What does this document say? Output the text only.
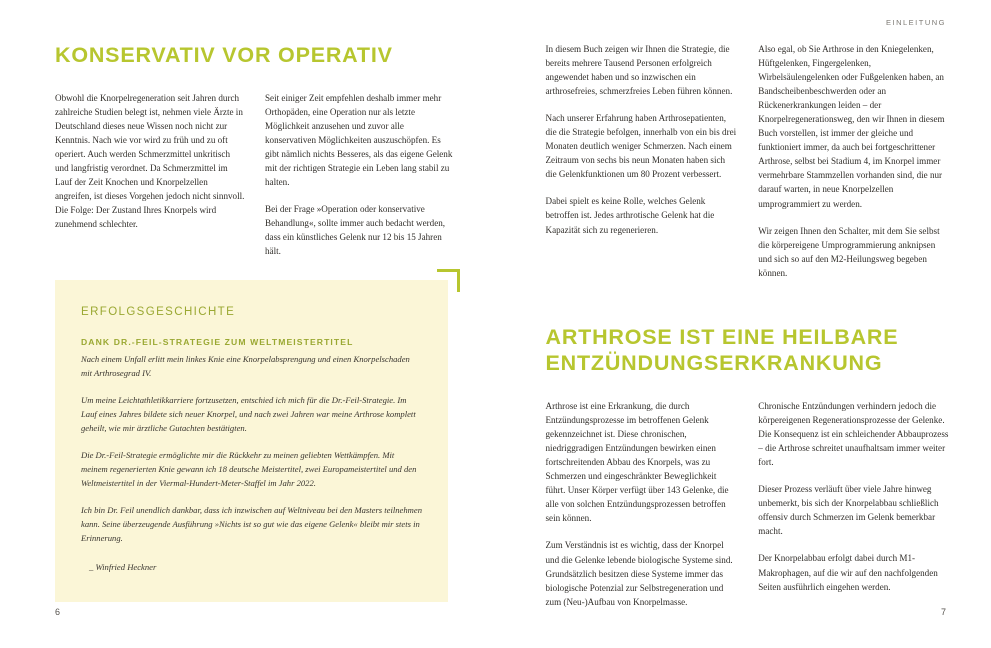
KONSERVATIV VOR OPERATIV

Obwohl die Knorpelregeneration seit Jahren durch zahlreiche Studien belegt ist, nehmen viele Ärzte in Deutschland dieses neue Wissen noch nicht zur Kenntnis. Nach wie vor wird zu früh und zu oft operiert. Auch werden Schmerzmittel unkritisch und langfristig verordnet. Da Schmerzmittel im Lauf der Zeit Knochen und Knorpelzellen angreifen, ist dieses Vorgehen jedoch nicht sinnvoll. Die Folge: Der Zustand Ihres Knorpels wird zunehmend schlechter.

Seit einiger Zeit empfehlen deshalb immer mehr Orthopäden, eine Operation nur als letzte Möglichkeit anzusehen und zuvor alle konservativen Möglichkeiten auszuschöpfen. Es gibt nämlich nichts Besseres, als das eigene Gelenk mit der richtigen Strategie ein Leben lang stabil zu halten.

Bei der Frage »Operation oder konservative Behandlung«, sollte immer auch bedacht werden, dass ein künstliches Gelenk nur 12 bis 15 Jahren hält.

ERFOLGSGESCHICHTE

DANK DR.-FEIL-STRATEGIE ZUM WELTMEISTERTITEL

Nach einem Unfall erlitt mein linkes Knie eine Knorpelabsprengung und einen Knorpelschaden mit Arthrosegrad IV.

Um meine Leichtathletikkarriere fortzusetzen, entschied ich mich für die Dr.-Feil-Strategie. Im Lauf eines Jahres bildete sich neuer Knorpel, und nach zwei Jahren war meine Arthrose komplett geheilt, wie mir ärztliche Gutachten bestätigten.

Die Dr.-Feil-Strategie ermöglichte mir die Rückkehr zu meinen geliebten Wettkämpfen. Mit meinem regenerierten Knie gewann ich 18 deutsche Meistertitel, zwei Europameistertitel und den Weltmeistertitel in der Viermal-Hundert-Meter-Staffel im Jahr 2022.

Ich bin Dr. Feil unendlich dankbar, dass ich inzwischen auf Weltniveau bei den Masters teilnehmen kann. Seine überzeugende Ausführung »Nichts ist so gut wie das eigene Gelenk« bleibt mir stets in Erinnerung.

_ Winfried Heckner

6
EINLEITUNG

In diesem Buch zeigen wir Ihnen die Strategie, die bereits mehrere Tausend Personen erfolgreich angewendet haben und so inzwischen ein arthrosefreies, schmerzfreies Leben führen können.

Nach unserer Erfahrung haben Arthrosepatienten, die die Strategie befolgen, innerhalb von ein bis drei Monaten deutlich weniger Schmerzen. Nach einem Zeitraum von sechs bis neun Monaten haben sich die Gelenkfunktionen um 80 Prozent verbessert.

Dabei spielt es keine Rolle, welches Gelenk betroffen ist. Jedes arthrotische Gelenk hat die Kapazität sich zu regenerieren.

Also egal, ob Sie Arthrose in den Kniegelenken, Hüftgelenken, Fingergelenken, Wirbelsäulengelenken oder Fußgelenken haben, an Bandscheibenbeschwerden oder an Rückenerkrankungen leiden – der Knorpelregenerationsweg, den wir Ihnen in diesem Buch vorstellen, ist immer der gleiche und funktioniert immer, da auch bei fortgeschrittener Arthrose, selbst bei Stadium 4, im Knorpel immer vermehrbare Stammzellen vorhanden sind, die nur darauf warten, in neue Knorpelzellen umprogrammiert zu werden.

Wir zeigen Ihnen den Schalter, mit dem Sie selbst die körpereigene Umprogrammierung anknipsen und sich so auf den M2-Heilungsweg begeben können.

ARTHROSE IST EINE HEILBARE ENTZÜNDUNGSERKRANKUNG

Arthrose ist eine Erkrankung, die durch Entzündungsprozesse im betroffenen Gelenk gekennzeichnet ist. Diese chronischen, niedriggradigen Entzündungen bewirken einen fortschreitenden Abbau des Knorpels, was zu Schmerzen und eingeschränkter Beweglichkeit führt. Unser Körper verfügt über 143 Gelenke, die alle von solchen Entzündungsprozessen betroffen sein können.

Zum Verständnis ist es wichtig, dass der Knorpel und die Gelenke lebende biologische Systeme sind. Grundsätzlich besitzen diese Systeme immer das biologische Potenzial zur Selbstregeneration und zum (Neu-)Aufbau von Knorpelmasse.

Chronische Entzündungen verhindern jedoch die körpereigenen Regenerationsprozesse der Gelenke. Die Konsequenz ist ein schleichender Abbauprozess – die Arthrose schreitet unaufhaltsam immer weiter fort.

Dieser Prozess verläuft über viele Jahre hinweg unbemerkt, bis sich der Knorpelabbau schließlich offensiv durch Schmerzen im Gelenk bemerkbar macht.

Der Knorpelabbau erfolgt dabei durch M1-Makrophagen, auf die wir auf den nachfolgenden Seiten ausführlich eingehen werden.

7
